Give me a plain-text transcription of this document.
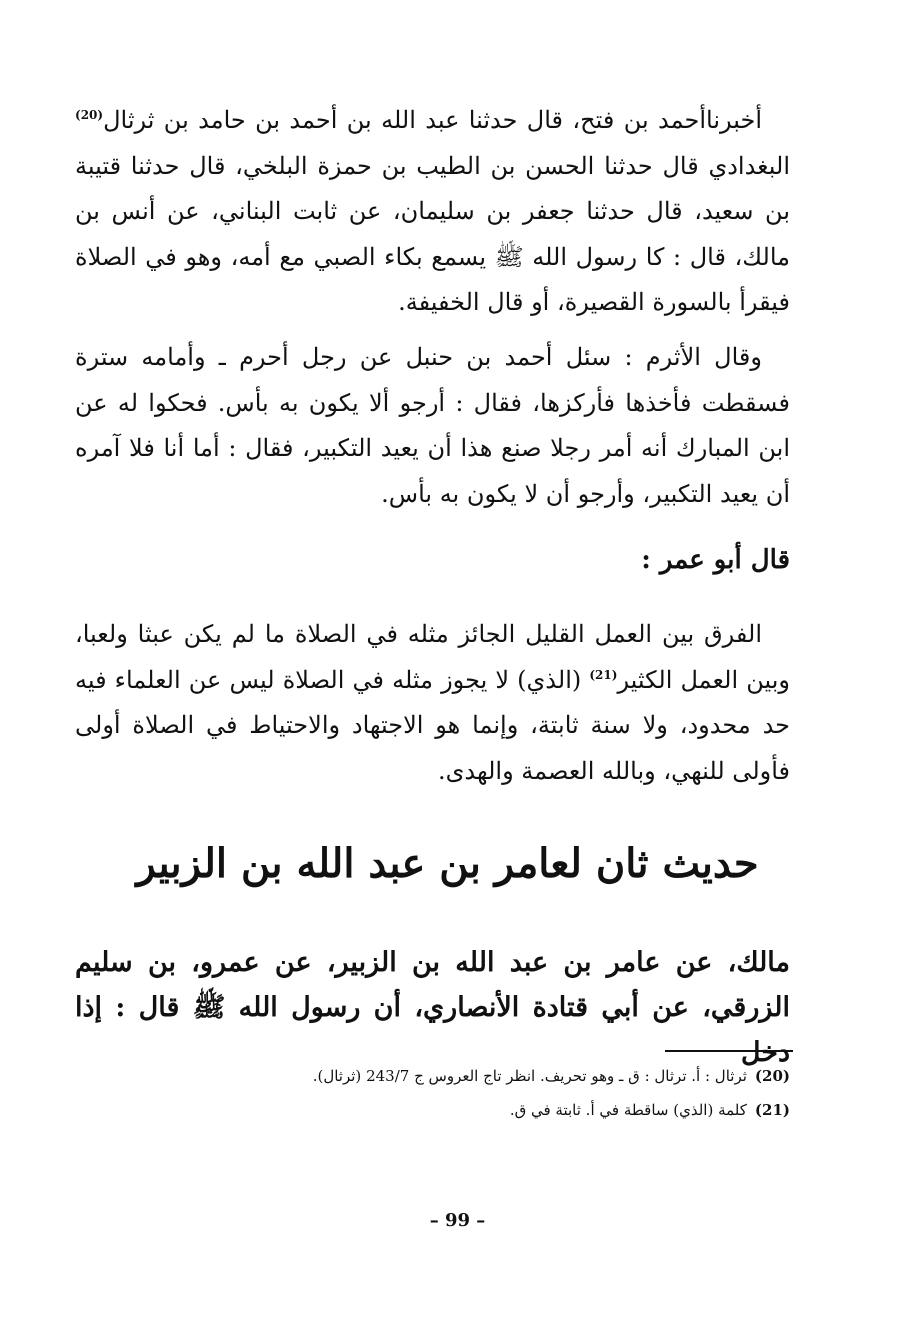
أخبرناأحمد بن فتح، قال حدثنا عبد الله بن أحمد بن حامد بن ثرثال$^{(20)}$ البغدادي قال حدثنا الحسن بن الطيب بن حمزة البلخي، قال حدثنا قتيبة بن سعيد، قال حدثنا جعفر بن سليمان، عن ثابت البناني، عن أنس بن مالك، قال : كا رسول الله ﷺ يسمع بكاء الصبي مع أمه، وهو في الصلاة فيقرأ بالسورة القصيرة، أو قال الخفيفة.

وقال الأثرم : سئل أحمد بن حنبل عن رجل أحرم ـ وأمامه سترة فسقطت فأخذها فأركزها، فقال : أرجو ألا يكون به بأس. فحكوا له عن ابن المبارك أنه أمر رجلا صنع هذا أن يعيد التكبير، فقال : أما أنا فلا آمره أن يعيد التكبير، وأرجو أن لا يكون به بأس.

قال أبو عمر :

الفرق بين العمل القليل الجائز مثله في الصلاة ما لم يكن عبثا ولعبا، وبين العمل الكثير$^{(21)}$ (الذي) لا يجوز مثله في الصلاة ليس عن العلماء فيه حد محدود، ولا سنة ثابتة، وإنما هو الاجتهاد والاحتياط في الصلاة أولى فأولى للنهي، وبالله العصمة والهدى.

حديث ثان لعامر بن عبد الله بن الزبير

مالك، عن عامر بن عبد الله بن الزبير، عن عمرو، بن سليم الزرقي، عن أبي قتادة الأنصاري، أن رسول الله ﷺ قال : إذا دخل

(20)ثرثال : أ. ترثال : ق ـ وهو تحريف. انظر تاج العروس ج 243/7 (ثرثال).

(21)كلمة (الذي) ساقطة في أ. ثابتة في ق.

– 99 –
